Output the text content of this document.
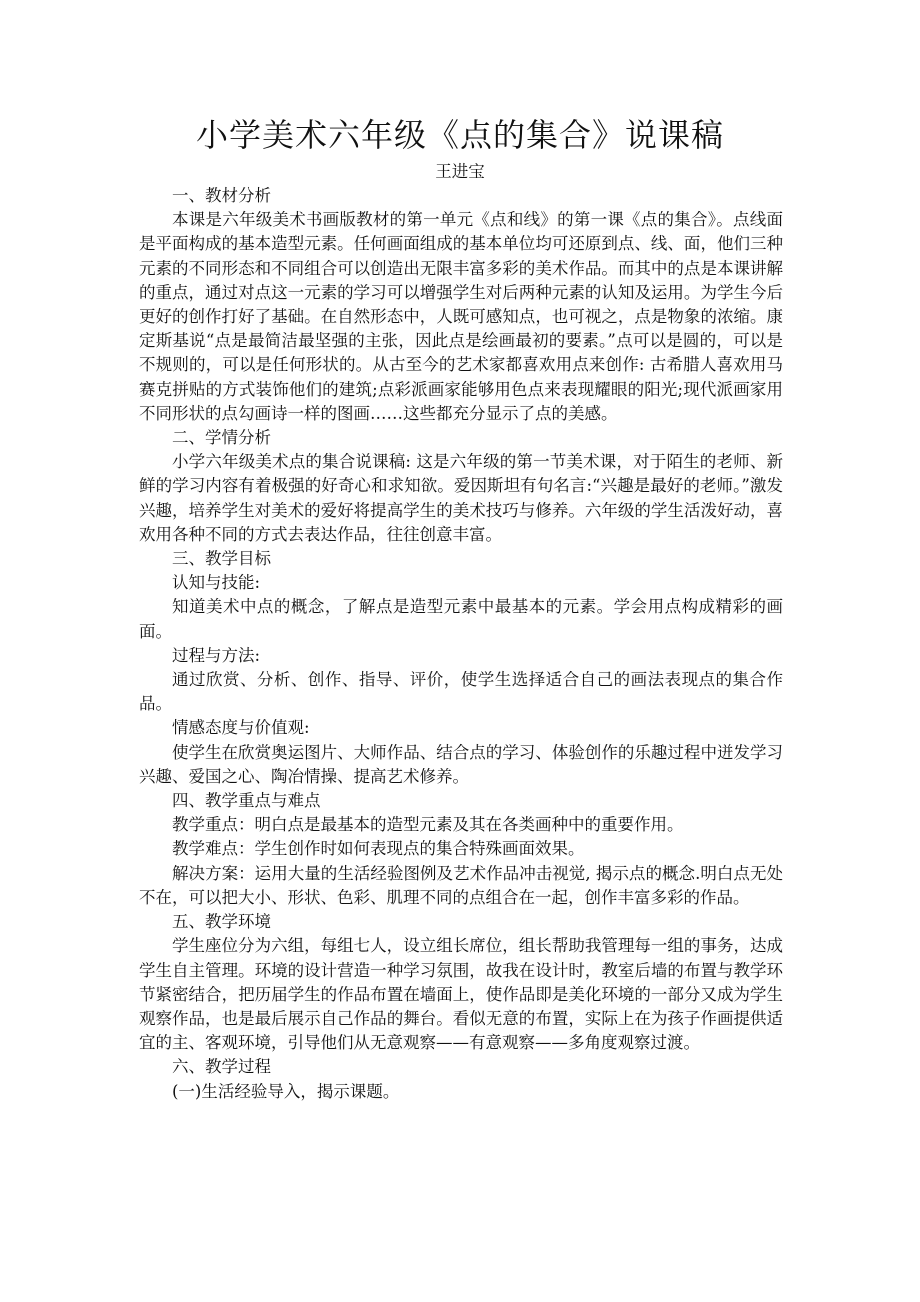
小学美术六年级《点的集合》说课稿
王进宝

一、教材分析

本课是六年级美术书画版教材的第一单元《点和线》的第一课《点的集合》。点线面是平面构成的基本造型元素。任何画面组成的基本单位均可还原到点、线、面，他们三种元素的不同形态和不同组合可以创造出无限丰富多彩的美术作品。而其中的点是本课讲解的重点，通过对点这一元素的学习可以增强学生对后两种元素的认知及运用。为学生今后更好的创作打好了基础。在自然形态中，人既可感知点，也可视之，点是物象的浓缩。康定斯基说“点是最简洁最坚强的主张，因此点是绘画最初的要素。”点可以是圆的，可以是不规则的，可以是任何形状的。从古至今的艺术家都喜欢用点来创作: 古希腊人喜欢用马赛克拼贴的方式装饰他们的建筑;点彩派画家能够用色点来表现耀眼的阳光;现代派画家用不同形状的点勾画诗一样的图画……这些都充分显示了点的美感。

二、学情分析

小学六年级美术点的集合说课稿: 这是六年级的第一节美术课，对于陌生的老师、新鲜的学习内容有着极强的好奇心和求知欲。爱因斯坦有句名言:“兴趣是最好的老师。”激发兴趣，培养学生对美术的爱好将提高学生的美术技巧与修养。六年级的学生活泼好动，喜欢用各种不同的方式去表达作品，往往创意丰富。

三、教学目标

认知与技能:

知道美术中点的概念，了解点是造型元素中最基本的元素。学会用点构成精彩的画面。

过程与方法:

通过欣赏、分析、创作、指导、评价，使学生选择适合自己的画法表现点的集合作品。

情感态度与价值观:

使学生在欣赏奥运图片、大师作品、结合点的学习、体验创作的乐趣过程中迸发学习兴趣、爱国之心、陶冶情操、提高艺术修养。

四、教学重点与难点

教学重点：明白点是最基本的造型元素及其在各类画种中的重要作用。

教学难点：学生创作时如何表现点的集合特殊画面效果。

解决方案：运用大量的生活经验图例及艺术作品冲击视觉, 揭示点的概念.明白点无处不在，可以把大小、形状、色彩、肌理不同的点组合在一起，创作丰富多彩的作品。

五、教学环境

学生座位分为六组，每组七人，设立组长席位，组长帮助我管理每一组的事务，达成学生自主管理。环境的设计营造一种学习氛围，故我在设计时，教室后墙的布置与教学环节紧密结合，把历届学生的作品布置在墙面上，使作品即是美化环境的一部分又成为学生观察作品，也是最后展示自己作品的舞台。看似无意的布置，实际上在为孩子作画提供适宜的主、客观环境，引导他们从无意观察——有意观察——多角度观察过渡。

六、教学过程

(一)生活经验导入，揭示课题。
